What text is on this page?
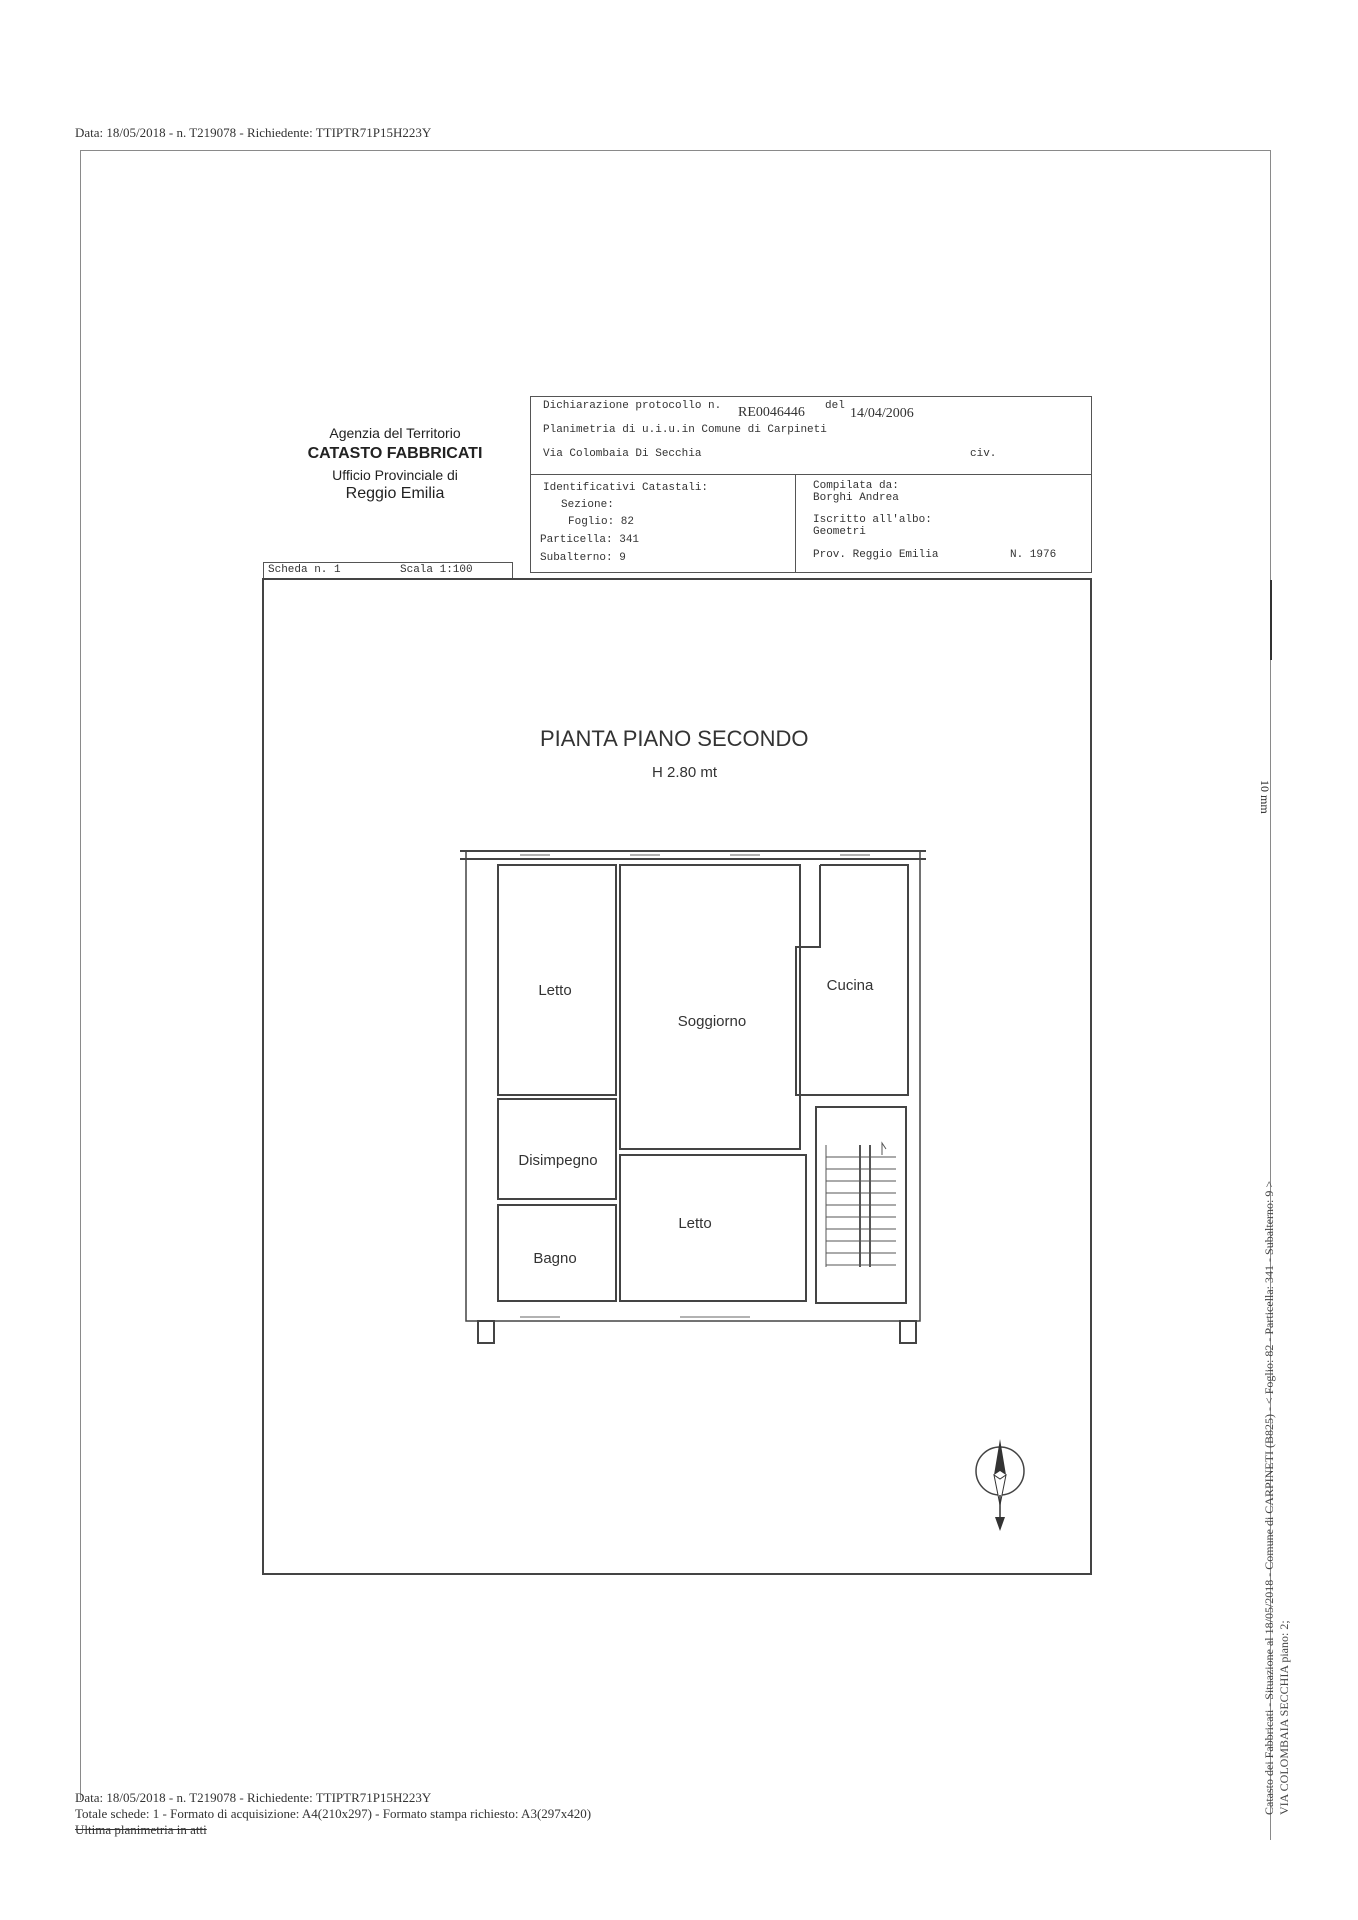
Data: 18/05/2018 - n. T219078 - Richiedente: TTIPTR71P15H223Y
Agenzia del Territorio
CATASTO FABBRICATI
Ufficio Provinciale di
Reggio Emilia
Dichiarazione protocollo n. RE0046446 del 14/04/2006
Planimetria di u.i.u.in Comune di Carpineti
Via Colombaia Di Secchia	civ.
Identificativi Catastali:
Sezione:
Foglio: 82
Particella: 341
Subalterno: 9
Compilata da:
Borghi Andrea
Iscritto all'albo:
Geometri
Prov. Reggio Emilia	N. 1976
Scheda n. 1	Scala 1:100
PIANTA PIANO SECONDO
H 2.80 mt
Letto
Soggiorno
Cucina
Disimpegno
Letto
Bagno
10 mm
Catasto dei Fabbricati - Situazione al 18/05/2018 - Comune di CARPINETI (B825) - < Foglio: 82 - Particella: 341 - Subalterno: 9 > VIA COLOMBAIA SECCHIA piano: 2;
Data: 18/05/2018 - n. T219078 - Richiedente: TTIPTR71P15H223Y
Totale schede: 1 - Formato di acquisizione: A4(210x297) - Formato stampa richiesto: A3(297x420)
Ultima planimetria in atti
